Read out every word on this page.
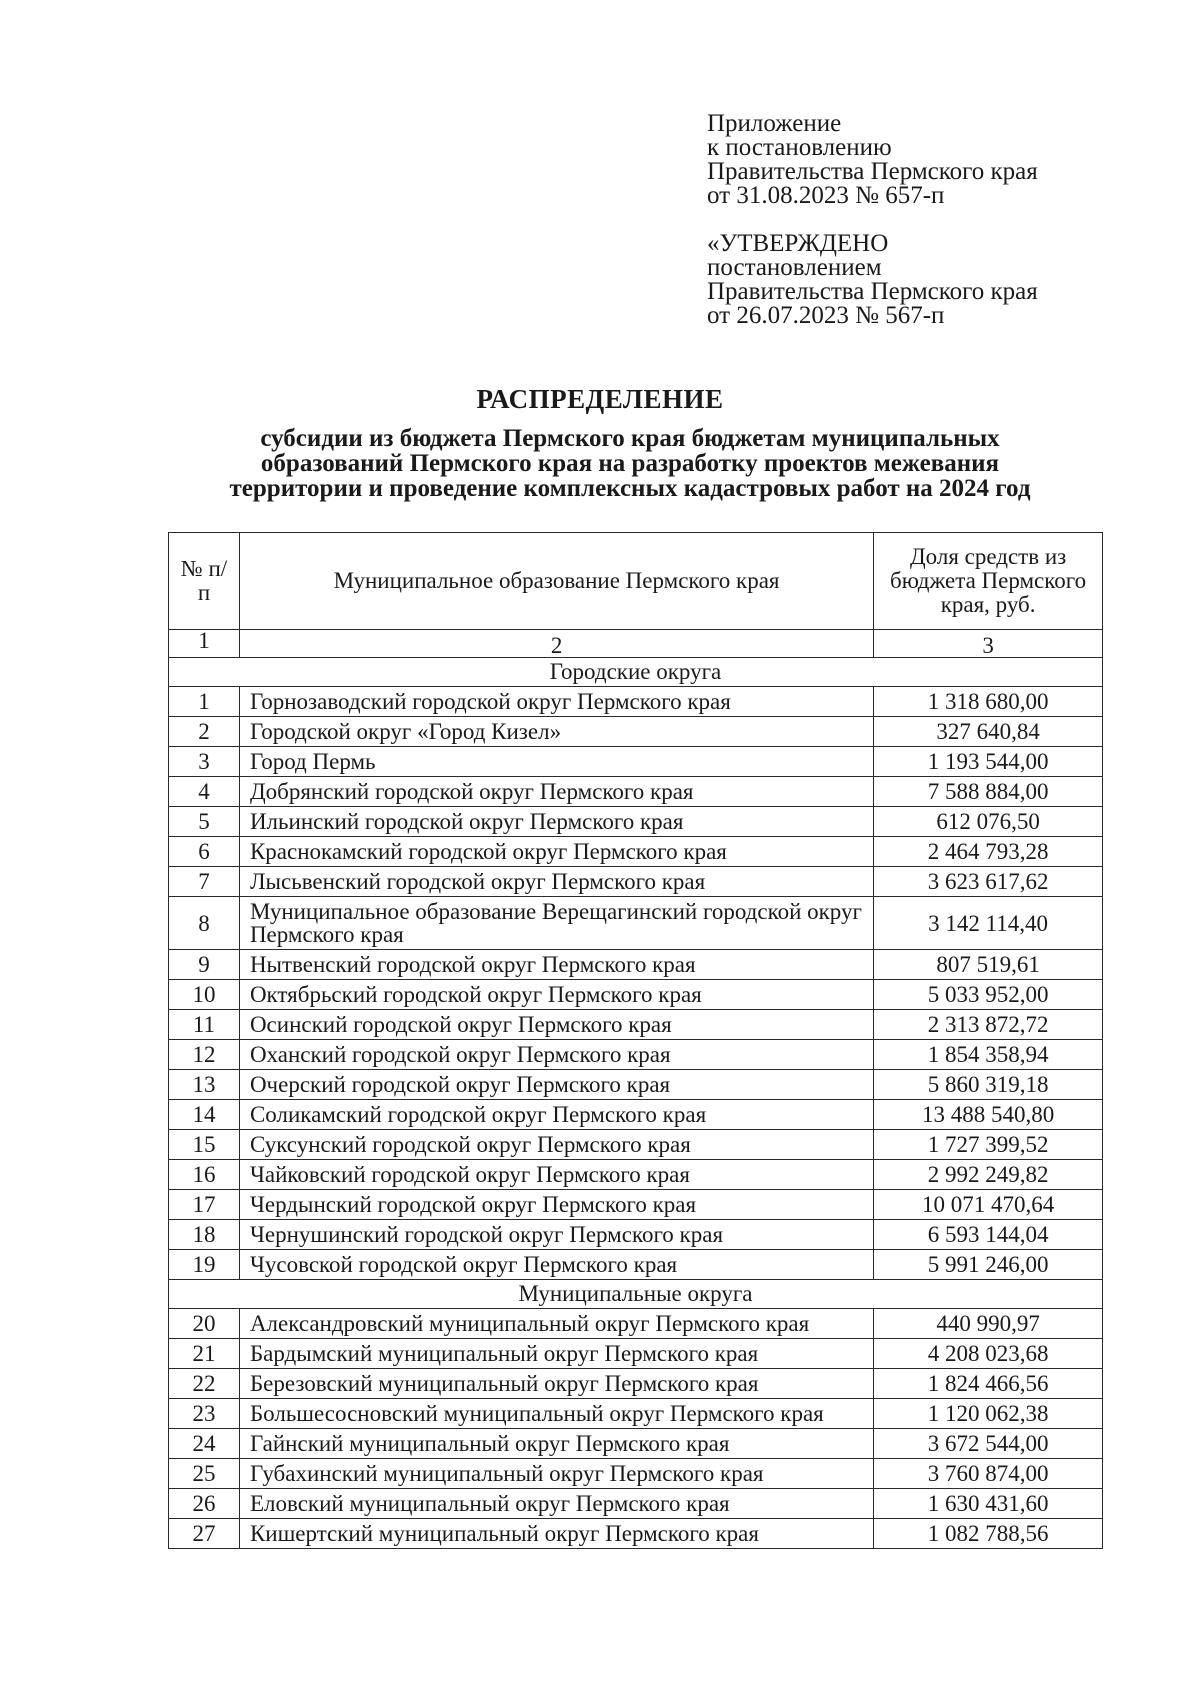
Приложение
к постановлению
Правительства Пермского края
от 31.08.2023 № 657-п
«УТВЕРЖДЕНО
постановлением
Правительства Пермского края
от 26.07.2023 № 567-п
РАСПРЕДЕЛЕНИЕ
субсидии из бюджета Пермского края бюджетам муниципальных
образований Пермского края на разработку проектов межевания
территории и проведение комплексных кадастровых работ на 2024 год
№ п/п	Муниципальное образование Пермского края	Доля средств из бюджета Пермского края, руб.
1	2	3
Городские округа		
1	Горнозаводский городской округ Пермского края	1 318 680,00
2	Городской округ «Город Кизел»	327 640,84
3	Город Пермь	1 193 544,00
4	Добрянский городской округ Пермского края	7 588 884,00
5	Ильинский городской округ Пермского края	612 076,50
6	Краснокамский городской округ Пермского края	2 464 793,28
7	Лысьвенский городской округ Пермского края	3 623 617,62
8	Муниципальное образование Верещагинский городской округ Пермского края	3 142 114,40
9	Нытвенский городской округ Пермского края	807 519,61
10	Октябрьский городской округ Пермского края	5 033 952,00
11	Осинский городской округ Пермского края	2 313 872,72
12	Оханский городской округ Пермского края	1 854 358,94
13	Очерский городской округ Пермского края	5 860 319,18
14	Соликамский городской округ Пермского края	13 488 540,80
15	Суксунский городской округ Пермского края	1 727 399,52
16	Чайковский городской округ Пермского края	2 992 249,82
17	Чердынский городской округ Пермского края	10 071 470,64
18	Чернушинский городской округ Пермского края	6 593 144,04
19	Чусовской городской округ Пермского края	5 991 246,00
Муниципальные округа		
20	Александровский муниципальный округ Пермского края	440 990,97
21	Бардымский муниципальный округ Пермского края	4 208 023,68
22	Березовский муниципальный округ Пермского края	1 824 466,56
23	Большесосновский муниципальный округ Пермского края	1 120 062,38
24	Гайнский муниципальный округ Пермского края	3 672 544,00
25	Губахинский муниципальный округ Пермского края	3 760 874,00
26	Еловский муниципальный округ Пермского края	1 630 431,60
27	Кишертский муниципальный округ Пермского края	1 082 788,56
